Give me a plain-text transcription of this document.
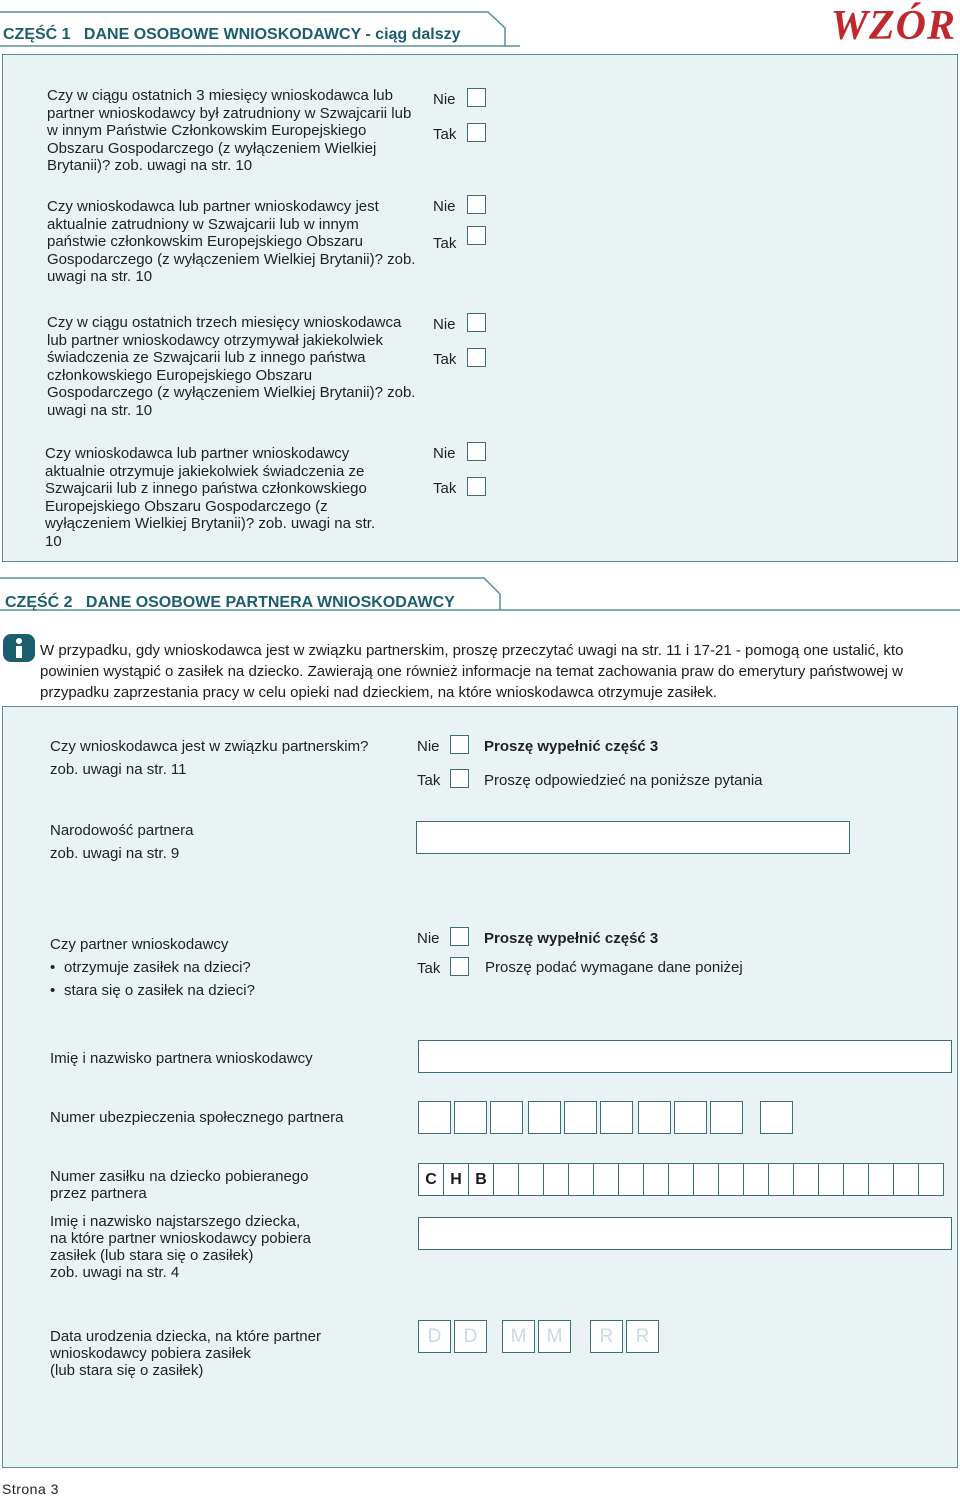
CZĘŚĆ 1   DANE OSOBOWE WNIOSKODAWCY - ciąg dalszy	WZÓR
Czy w ciągu ostatnich 3 miesięcy wnioskodawca lub partner wnioskodawcy był zatrudniony w Szwajcarii lub w innym Państwie Członkowskim Europejskiego Obszaru Gospodarczego (z wyłączeniem Wielkiej Brytanii)? zob. uwagi na str. 10
Nie
Tak
Czy wnioskodawca lub partner wnioskodawcy jest aktualnie zatrudniony w Szwajcarii lub w innym państwie członkowskim Europejskiego Obszaru Gospodarczego (z wyłączeniem Wielkiej Brytanii)? zob. uwagi na str. 10
Nie
Tak
Czy w ciągu ostatnich trzech miesięcy wnioskodawca lub partner wnioskodawcy otrzymywał jakiekolwiek świadczenia ze Szwajcarii lub z innego państwa członkowskiego Europejskiego Obszaru Gospodarczego (z wyłączeniem Wielkiej Brytanii)? zob. uwagi na str. 10
Nie
Tak
Czy wnioskodawca lub partner wnioskodawcy aktualnie otrzymuje jakiekolwiek świadczenia ze Szwajcarii lub z innego państwa członkowskiego Europejskiego Obszaru Gospodarczego (z wyłączeniem Wielkiej Brytanii)? zob. uwagi na str. 10
Nie
Tak
CZĘŚĆ 2   DANE OSOBOWE PARTNERA WNIOSKODAWCY
W przypadku, gdy wnioskodawca jest w związku partnerskim, proszę przeczytać uwagi na str. 11 i 17-21 - pomogą one ustalić, kto powinien wystąpić o zasiłek na dziecko. Zawierają one również informacje na temat zachowania praw do emerytury państwowej w przypadku zaprzestania pracy w celu opieki nad dzieckiem, na które wnioskodawca otrzymuje zasiłek.
Czy wnioskodawca jest w związku partnerskim?
zob. uwagi na str. 11
Nie	Proszę wypełnić część 3
Tak	Proszę odpowiedzieć na poniższe pytania
Narodowość partnera
zob. uwagi na str. 9
Czy partner wnioskodawcy
• otrzymuje zasiłek na dzieci?
• stara się o zasiłek na dzieci?
Nie	Proszę wypełnić część 3
Tak	Proszę podać wymagane dane poniżej
Imię i nazwisko partnera wnioskodawcy
Numer ubezpieczenia społecznego partnera
Numer zasiłku na dziecko pobieranego
przez partnera
C H B
Imię i nazwisko najstarszego dziecka,
na które partner wnioskodawcy pobiera
zasiłek (lub stara się o zasiłek)
zob. uwagi na str. 4
Data urodzenia dziecka, na które partner
wnioskodawcy pobiera zasiłek
(lub stara się o zasiłek)
D	D	M	M	R	R
Strona 3
